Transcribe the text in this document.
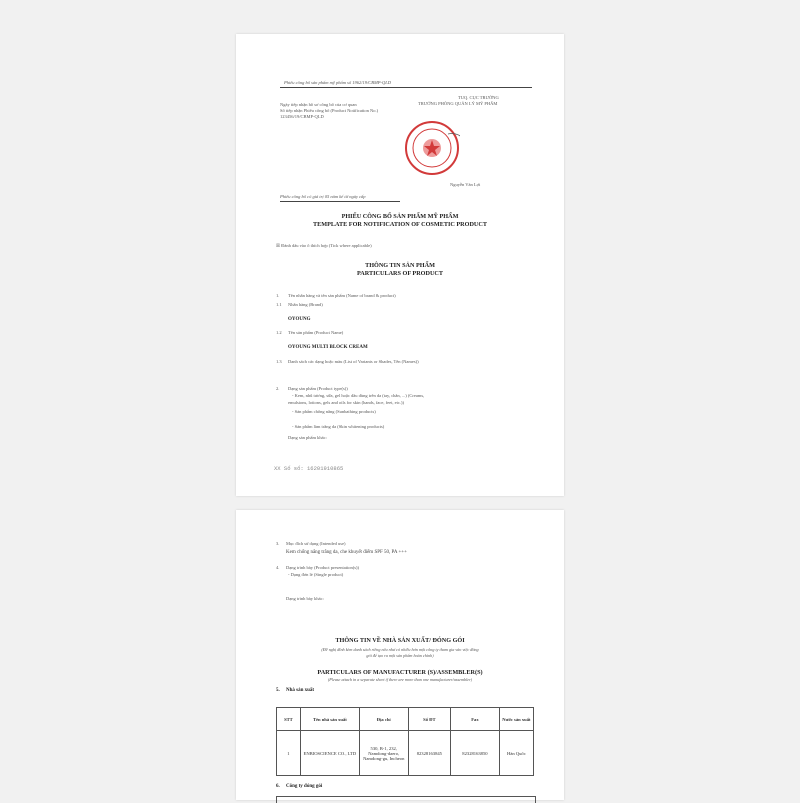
Phiếu công bố sản phẩm mỹ phẩm số 1962/19/CBMP-QLD
Ngày tiếp nhận hồ sơ công bố của cơ quan
Số tiếp nhận Phiếu công bố (Product Notification No.)
123456/19/CBMP-QLD
TUQ. CỤC TRƯỞNG
TRƯỞNG PHÒNG QUẢN LÝ MỸ PHẨM
Nguyễn Văn Lợi
Phiếu công bố có giá trị 05 năm kể từ ngày cấp
PHIẾU CÔNG BỐ SẢN PHẨM MỸ PHẨM
TEMPLATE FOR NOTIFICATION OF COSMETIC PRODUCT
☒ Đánh dấu vào ô thích hợp (Tick where applicable)
THÔNG TIN SẢN PHẨM
PARTICULARS OF PRODUCT
1. Tên nhãn hàng và tên sản phẩm (Name of brand & product)
1.1 Nhãn hàng (Brand)
OYOUNG
1.2 Tên sản phẩm (Product Name)
OYOUNG MULTI BLOCK CREAM
1.3 Danh sách các dạng hoặc màu (List of Variants or Shades, Tên (Names))
2. Dạng sản phẩm (Product type(s))
- Kem, nhũ tương, sữa, gel hoặc dầu dùng trên da (tay, chân, ...) (Creams,
emulsions, lotions, gels and oils for skin (hands, face, feet, etc.))
- Sản phẩm chống nắng (Sunbathing products)
- Sản phẩm làm trắng da (Skin whitening products)
Dạng sản phẩm khác:
XX Số số: 16201910865
3. Mục đích sử dụng (Intended use)
Kem chống nắng trắng da, che khuyết điểm SPF 50, PA +++
4. Dạng trình bày (Product presentation(s))
- Dạng đơn lẻ (Single product)
Dạng trình bày khác:
THÔNG TIN VỀ NHÀ SẢN XUẤT/ ĐÓNG GÓI
(Đề nghị đính kèm danh sách riêng nếu như có nhiều hơn một công ty tham gia vào việc đóng
gói để tạo ra một sản phẩm hoàn chỉnh)
PARTICULARS OF MANUFACTURER (S)/ASSEMBLER(S)
(Please attach in a separate sheet if there are more than one manufacturer/assembler)
5. Nhà sản xuất
STT	Tên nhà sản xuất	Địa chỉ	Số ĐT	Fax	Nước sản xuất
1	ENBIOSCIENCE CO., LTD	530, B-1, 232, Namdong-daero, Namdong-gu, Incheon	82328163845	82328163850	Hàn Quốc
6. Công ty đóng gói
